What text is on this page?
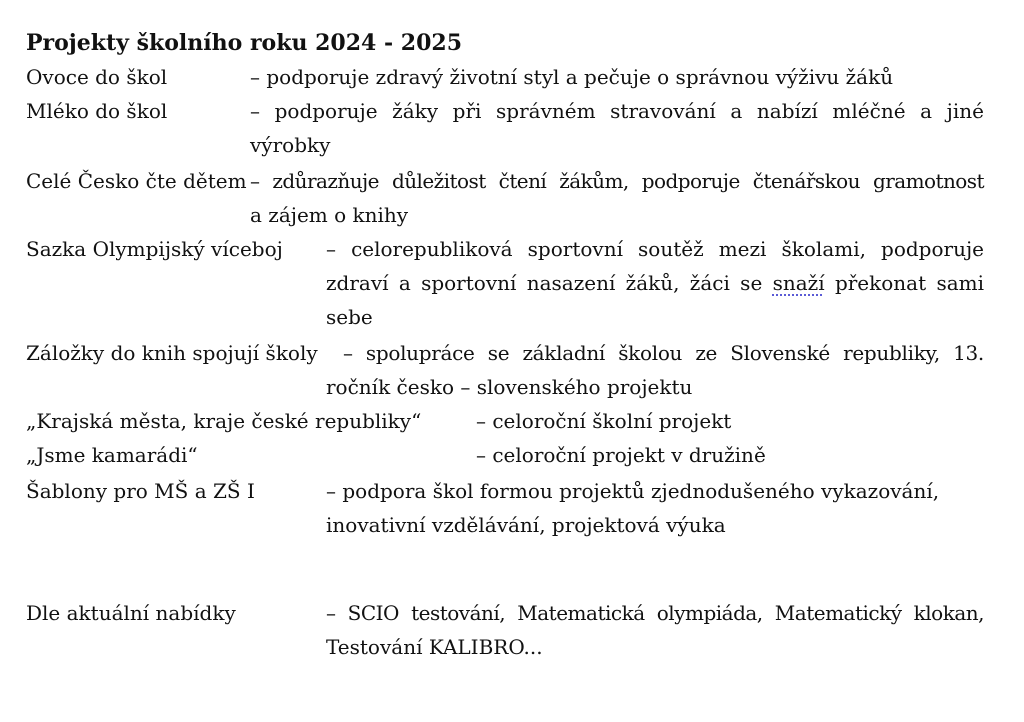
Projekty školního roku 2024 - 2025
Ovoce do škol	– podporuje zdravý životní styl a pečuje o správnou výživu žáků
Mléko do škol	– podporuje žáky při správném stravování a nabízí mléčné a jiné
výrobky
Celé Česko čte dětem – zdůrazňuje důležitost čtení žákům, podporuje čtenářskou gramotnost
a zájem o knihy
Sazka Olympijský víceboj – celorepubliková sportovní soutěž mezi školami, podporuje
zdraví a sportovní nasazení žáků, žáci se snaží překonat sami
sebe
Záložky do knih spojují školy – spolupráce se základní školou ze Slovenské republiky, 13.
ročník česko – slovenského projektu
„Krajská města, kraje české republiky“	– celoroční školní projekt
„Jsme kamarádi“	– celoroční projekt v družině
Šablony pro MŠ a ZŠ I	– podpora škol formou projektů zjednodušeného vykazování,
inovativní vzdělávání, projektová výuka
Dle aktuální nabídky	– SCIO testování, Matematická olympiáda, Matematický klokan,
Testování KALIBRO...
